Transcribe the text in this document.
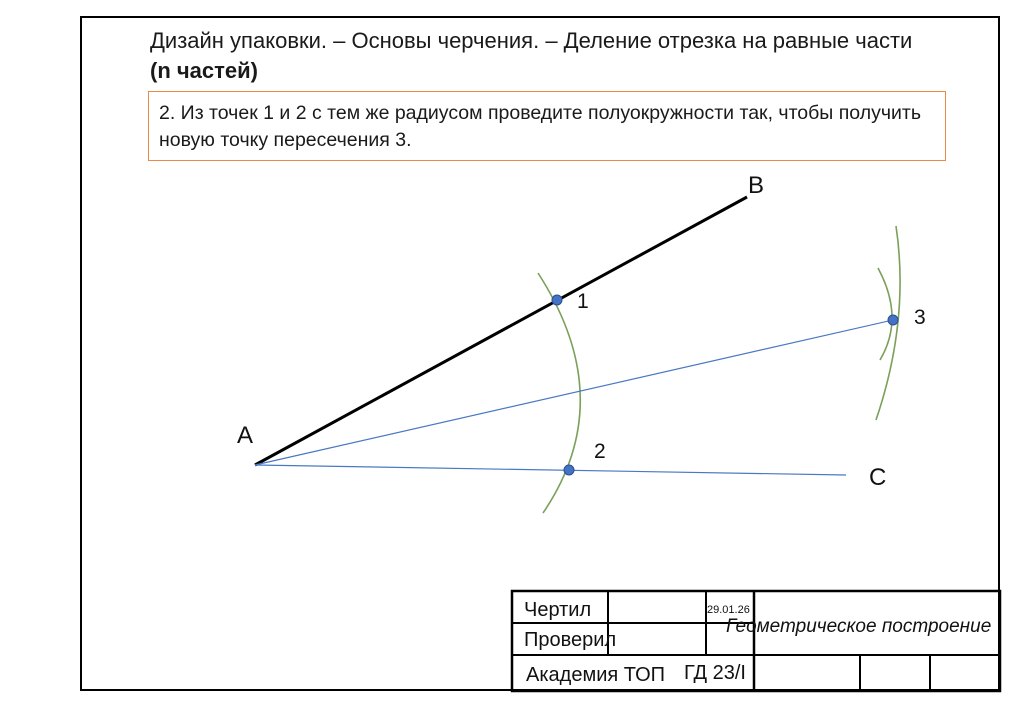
Дизайн упаковки. – Основы черчения. – Деление отрезка на равные части
(n частей)
2. Из точек 1 и 2 с тем же радиусом проведите полуокружности так, чтобы получить новую точку пересечения 3.
A
B
C
1
2
3
Чертил
Проверил
29.01.26
Геометрическое построение
Академия ТОП ГД 23/I
